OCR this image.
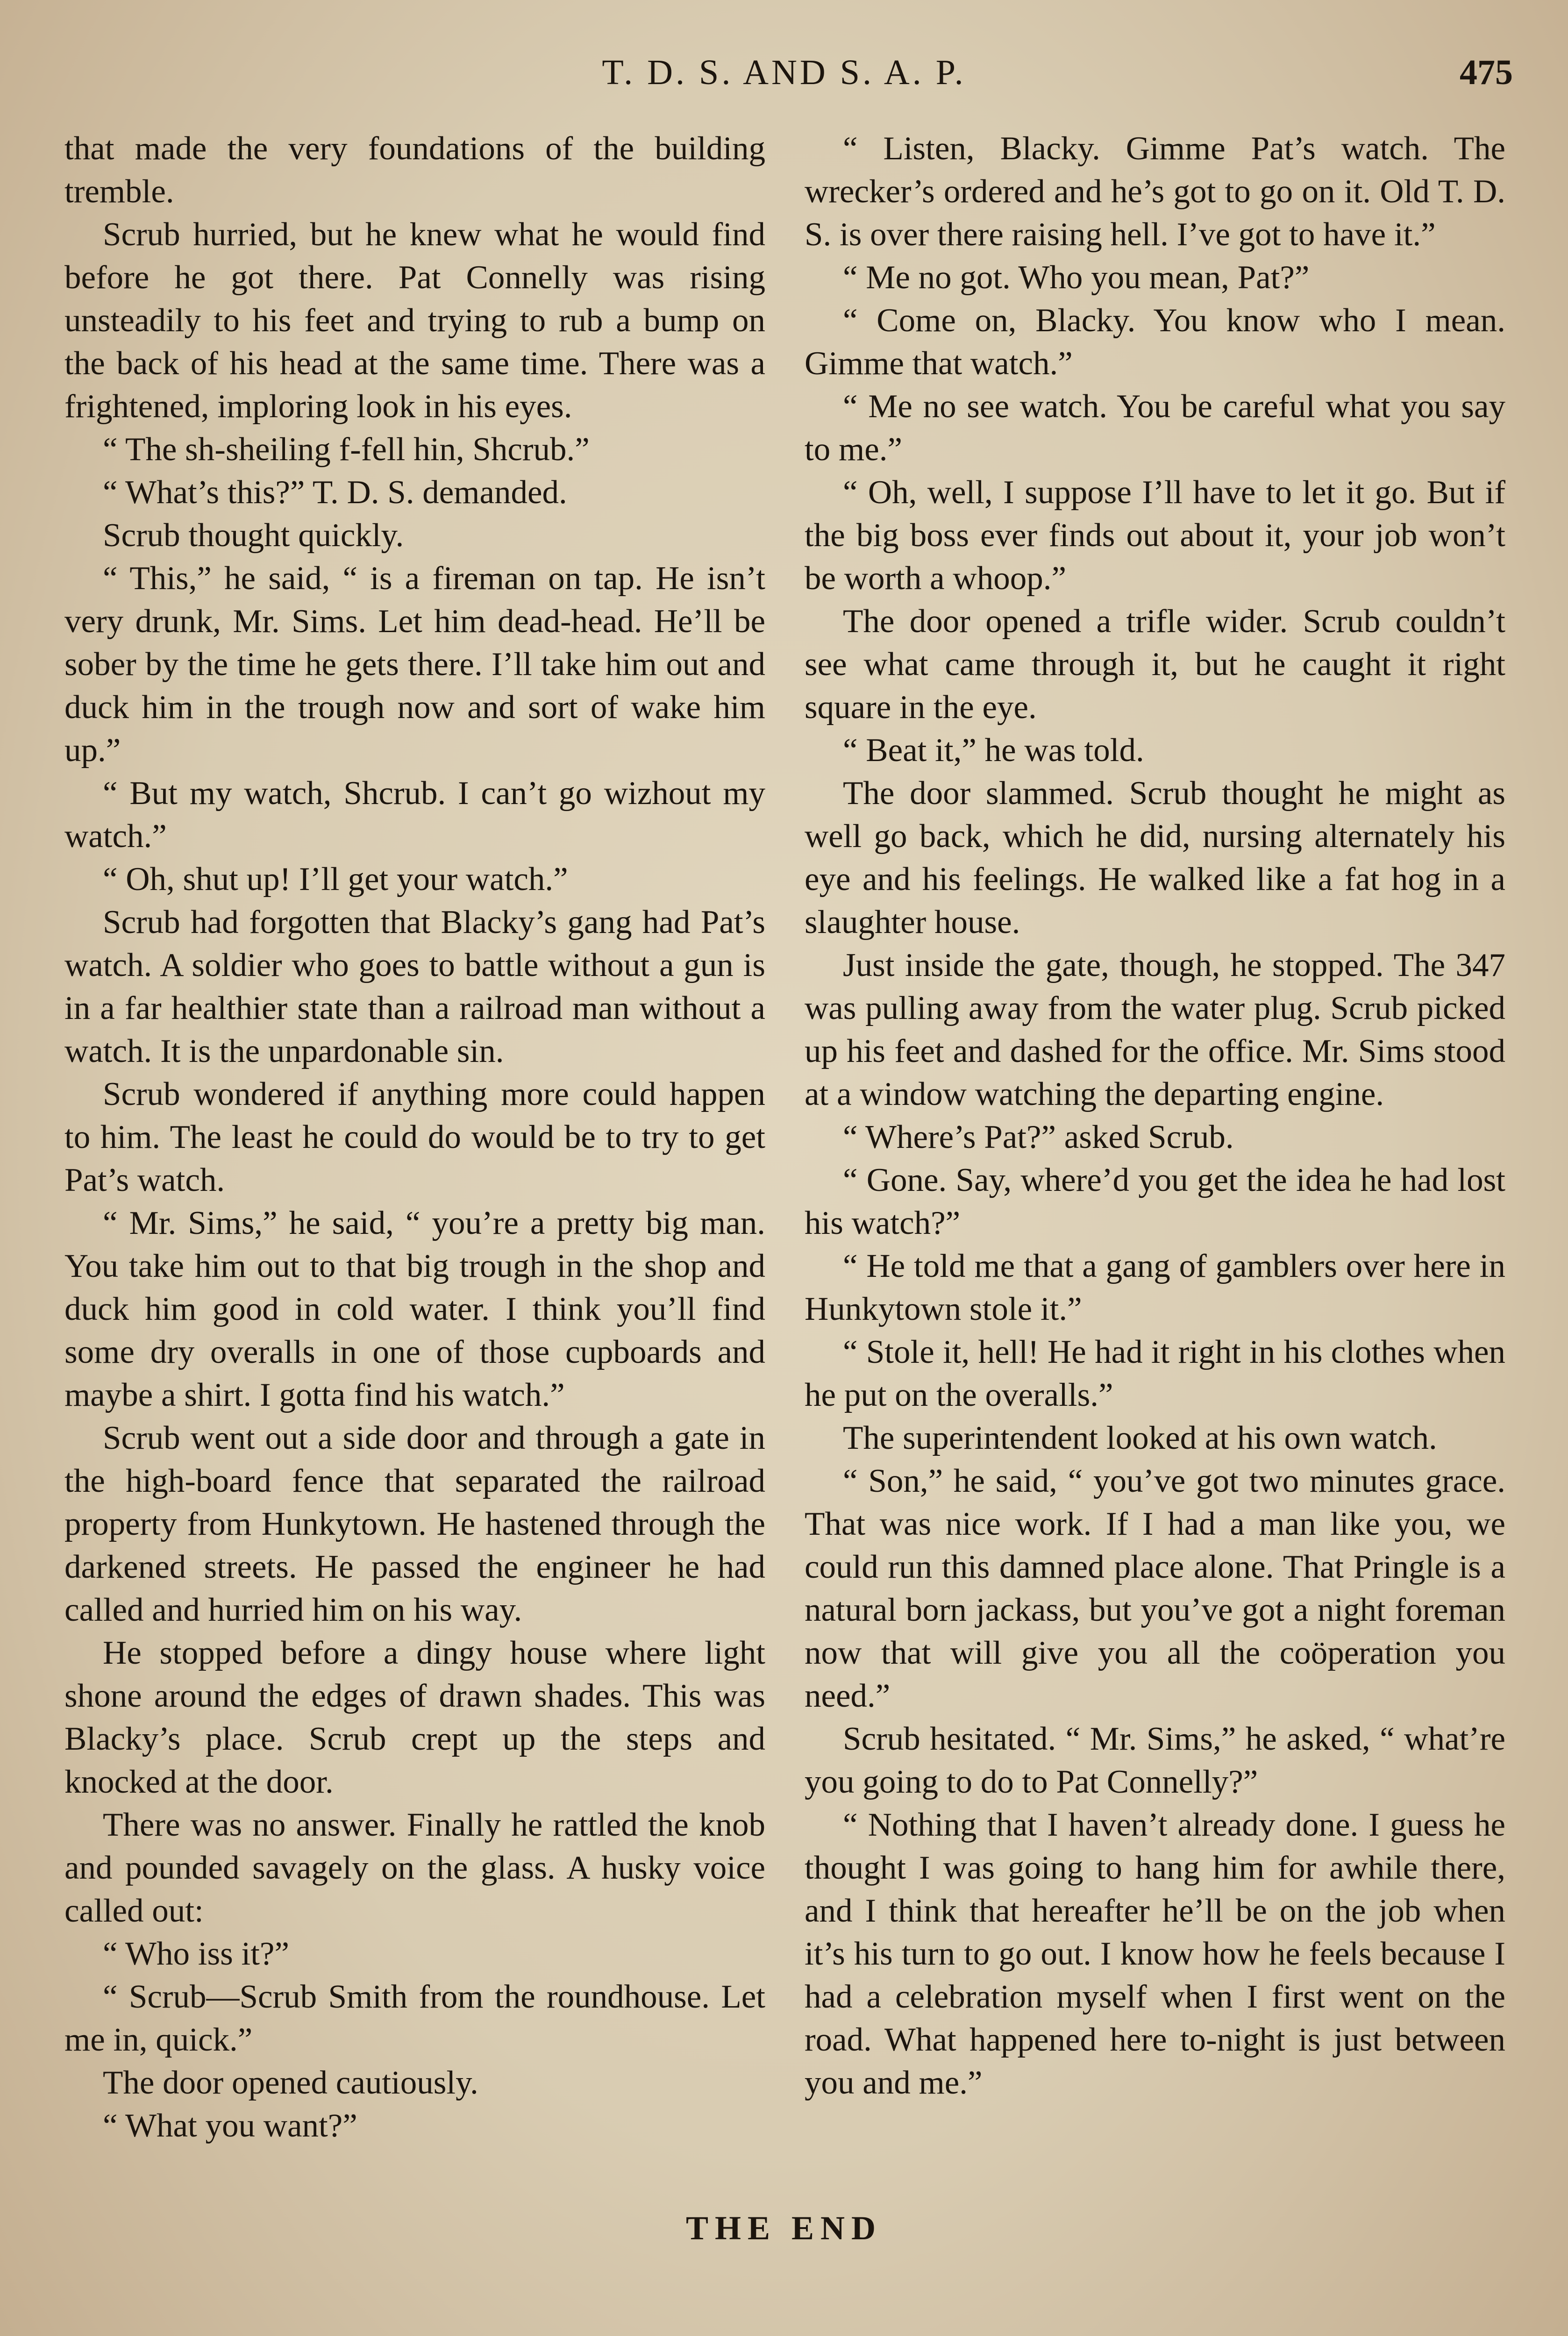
T. D. S. AND S. A. P.	475

that made the very foundations of the building tremble.

Scrub hurried, but he knew what he would find before he got there. Pat Connelly was rising unsteadily to his feet and trying to rub a bump on the back of his head at the same time. There was a frightened, imploring look in his eyes.

“ The sh-sheiling f-fell hin, Shcrub.”

“ What’s this?” T. D. S. demanded.

Scrub thought quickly.

“ This,” he said, “ is a fireman on tap. He isn’t very drunk, Mr. Sims. Let him dead-head. He’ll be sober by the time he gets there. I’ll take him out and duck him in the trough now and sort of wake him up.”

“ But my watch, Shcrub. I can’t go wizhout my watch.”

“ Oh, shut up! I’ll get your watch.”

Scrub had forgotten that Blacky’s gang had Pat’s watch. A soldier who goes to battle without a gun is in a far healthier state than a railroad man without a watch. It is the unpardonable sin.

Scrub wondered if anything more could happen to him. The least he could do would be to try to get Pat’s watch.

“ Mr. Sims,” he said, “ you’re a pretty big man. You take him out to that big trough in the shop and duck him good in cold water. I think you’ll find some dry overalls in one of those cupboards and maybe a shirt. I gotta find his watch.”

Scrub went out a side door and through a gate in the high-board fence that separated the railroad property from Hunkytown. He hastened through the darkened streets. He passed the engineer he had called and hurried him on his way.

He stopped before a dingy house where light shone around the edges of drawn shades. This was Blacky’s place. Scrub crept up the steps and knocked at the door.

There was no answer. Finally he rattled the knob and pounded savagely on the glass. A husky voice called out:

“ Who iss it?”

“ Scrub—Scrub Smith from the roundhouse. Let me in, quick.”

The door opened cautiously.

“ What you want?”

“ Listen, Blacky. Gimme Pat’s watch. The wrecker’s ordered and he’s got to go on it. Old T. D. S. is over there raising hell. I’ve got to have it.”

“ Me no got. Who you mean, Pat?”

“ Come on, Blacky. You know who I mean. Gimme that watch.”

“ Me no see watch. You be careful what you say to me.”

“ Oh, well, I suppose I’ll have to let it go. But if the big boss ever finds out about it, your job won’t be worth a whoop.”

The door opened a trifle wider. Scrub couldn’t see what came through it, but he caught it right square in the eye.

“ Beat it,” he was told.

The door slammed. Scrub thought he might as well go back, which he did, nursing alternately his eye and his feelings. He walked like a fat hog in a slaughter house.

Just inside the gate, though, he stopped. The 347 was pulling away from the water plug. Scrub picked up his feet and dashed for the office. Mr. Sims stood at a window watching the departing engine.

“ Where’s Pat?” asked Scrub.

“ Gone. Say, where’d you get the idea he had lost his watch?”

“ He told me that a gang of gamblers over here in Hunkytown stole it.”

“ Stole it, hell! He had it right in his clothes when he put on the overalls.”

The superintendent looked at his own watch.

“ Son,” he said, “ you’ve got two minutes grace. That was nice work. If I had a man like you, we could run this damned place alone. That Pringle is a natural born jackass, but you’ve got a night foreman now that will give you all the coöperation you need.”

Scrub hesitated. “ Mr. Sims,” he asked, “ what’re you going to do to Pat Connelly?”

“ Nothing that I haven’t already done. I guess he thought I was going to hang him for awhile there, and I think that hereafter he’ll be on the job when it’s his turn to go out. I know how he feels because I had a celebration myself when I first went on the road. What happened here to-night is just between you and me.”

THE END
